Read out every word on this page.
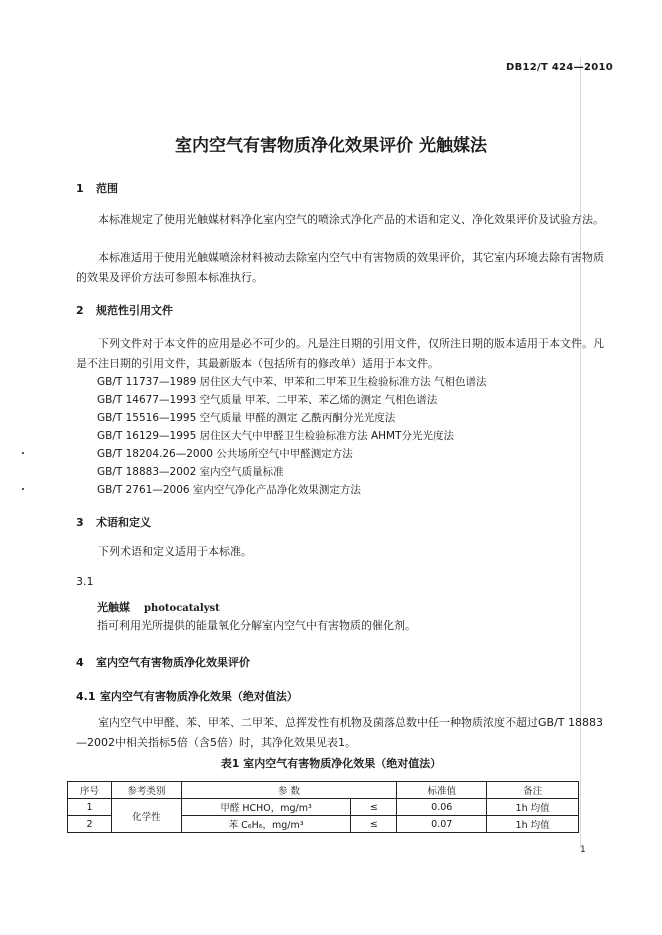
DB12/T 424—2010
室内空气有害物质净化效果评价 光触媒法
1 范围
本标准规定了使用光触媒材料净化室内空气的喷涂式净化产品的术语和定义、净化效果评价及试验方法。
本标准适用于使用光触媒喷涂材料被动去除室内空气中有害物质的效果评价，其它室内环境去除有害物质的效果及评价方法可参照本标准执行。
2 规范性引用文件
下列文件对于本文件的应用是必不可少的。凡是注日期的引用文件，仅所注日期的版本适用于本文件。凡是不注日期的引用文件，其最新版本（包括所有的修改单）适用于本文件。
GB/T 11737—1989 居住区大气中苯、甲苯和二甲苯卫生检验标准方法 气相色谱法
GB/T 14677—1993 空气质量 甲苯、二甲苯、苯乙烯的测定 气相色谱法
GB/T 15516—1995 空气质量 甲醛的测定 乙酰丙酮分光光度法
GB/T 16129—1995 居住区大气中甲醛卫生检验标准方法 AHMT分光光度法
GB/T 18204.26—2000 公共场所空气中甲醛测定方法
GB/T 18883—2002 室内空气质量标准
GB/T 2761—2006 室内空气净化产品净化效果测定方法
3 术语和定义
下列术语和定义适用于本标准。
3.1
光触媒 photocatalyst
指可利用光所提供的能量氧化分解室内空气中有害物质的催化剂。
4 室内空气有害物质净化效果评价
4.1 室内空气有害物质净化效果（绝对值法）
室内空气中甲醛、苯、甲苯、二甲苯、总挥发性有机物及菌落总数中任一种物质浓度不超过GB/T 18883—2002中相关指标5倍（含5倍）时，其净化效果见表1。
表1 室内空气有害物质净化效果（绝对值法）
序号	参考类别	参 数		标准值	备注
1	化学性	甲醛 HCHO，mg/m³	≤	0.06	1h 均值
2		苯 C₆H₆，mg/m³	≤	0.07	1h 均值
1
